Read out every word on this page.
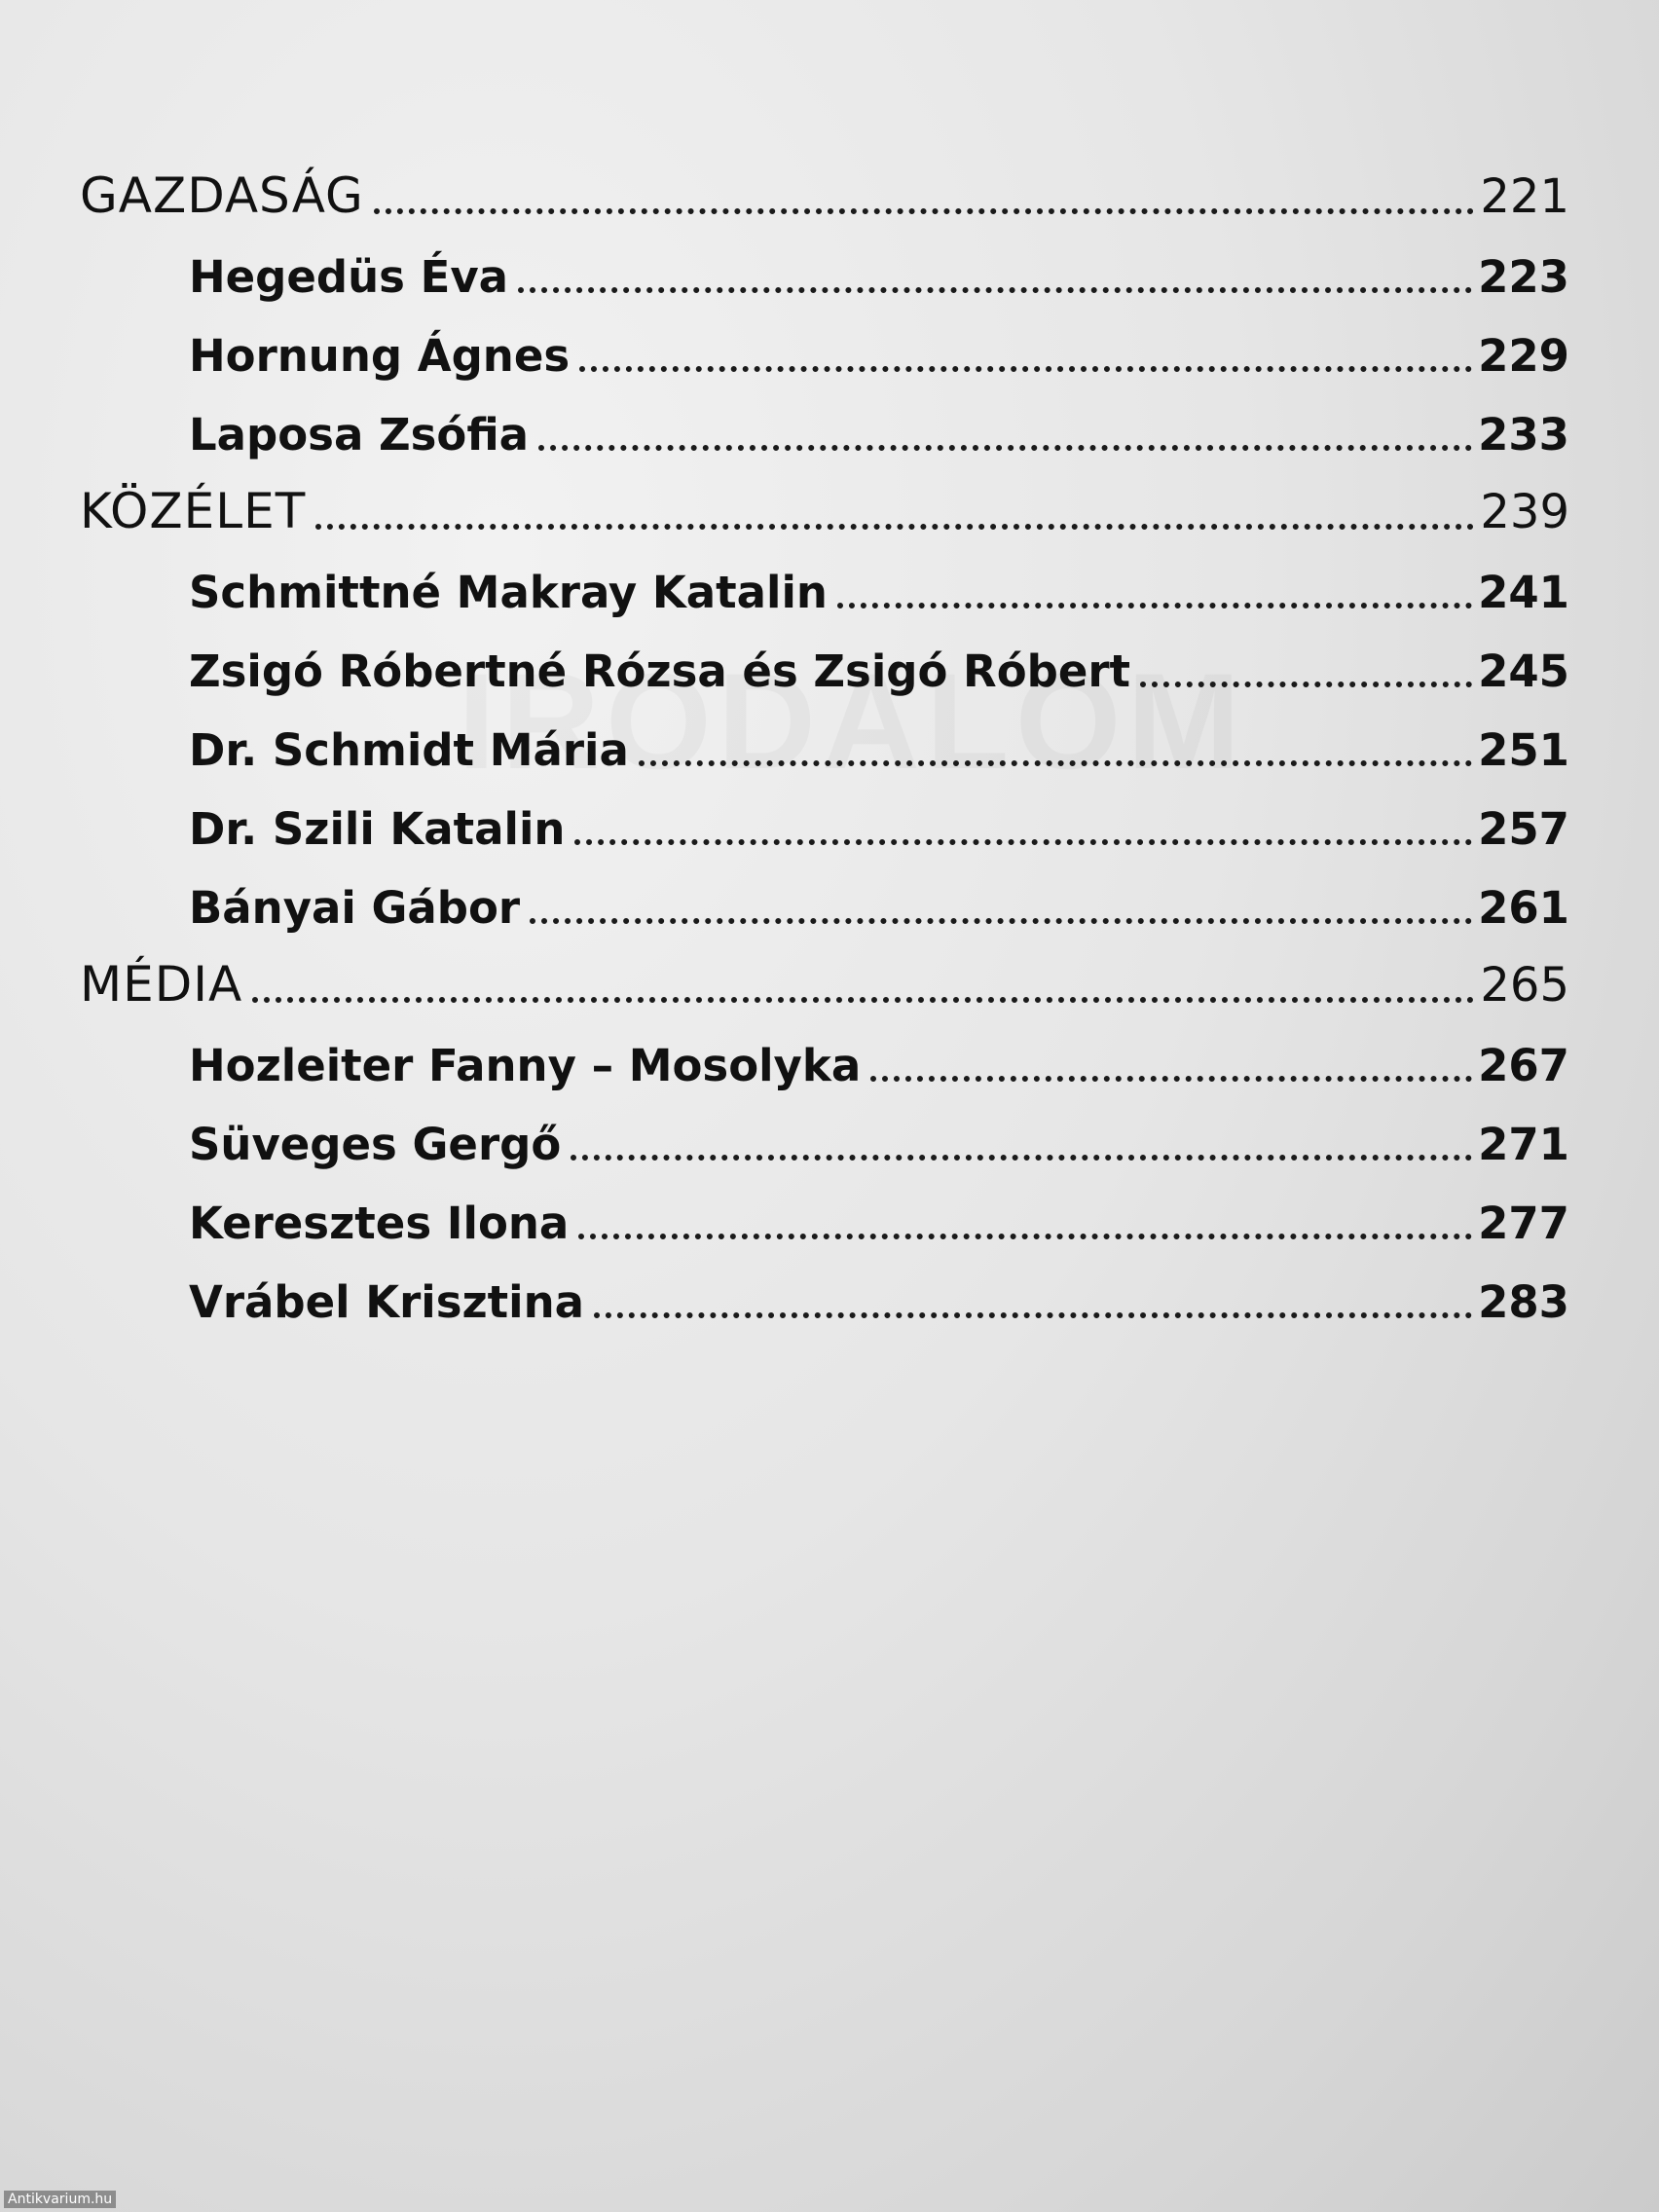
GAZDASÁG	221
Hegedüs Éva	223
Hornung Ágnes	229
Laposa Zsófia	233
KÖZÉLET	239
Schmittné Makray Katalin	241
Zsigó Róbertné Rózsa és Zsigó Róbert	245
Dr. Schmidt Mária	251
Dr. Szili Katalin	257
Bányai Gábor	261
MÉDIA	265
Hozleiter Fanny – Mosolyka	267
Süveges Gergő	271
Keresztes Ilona	277
Vrábel Krisztina	283
Antikvarium.hu
